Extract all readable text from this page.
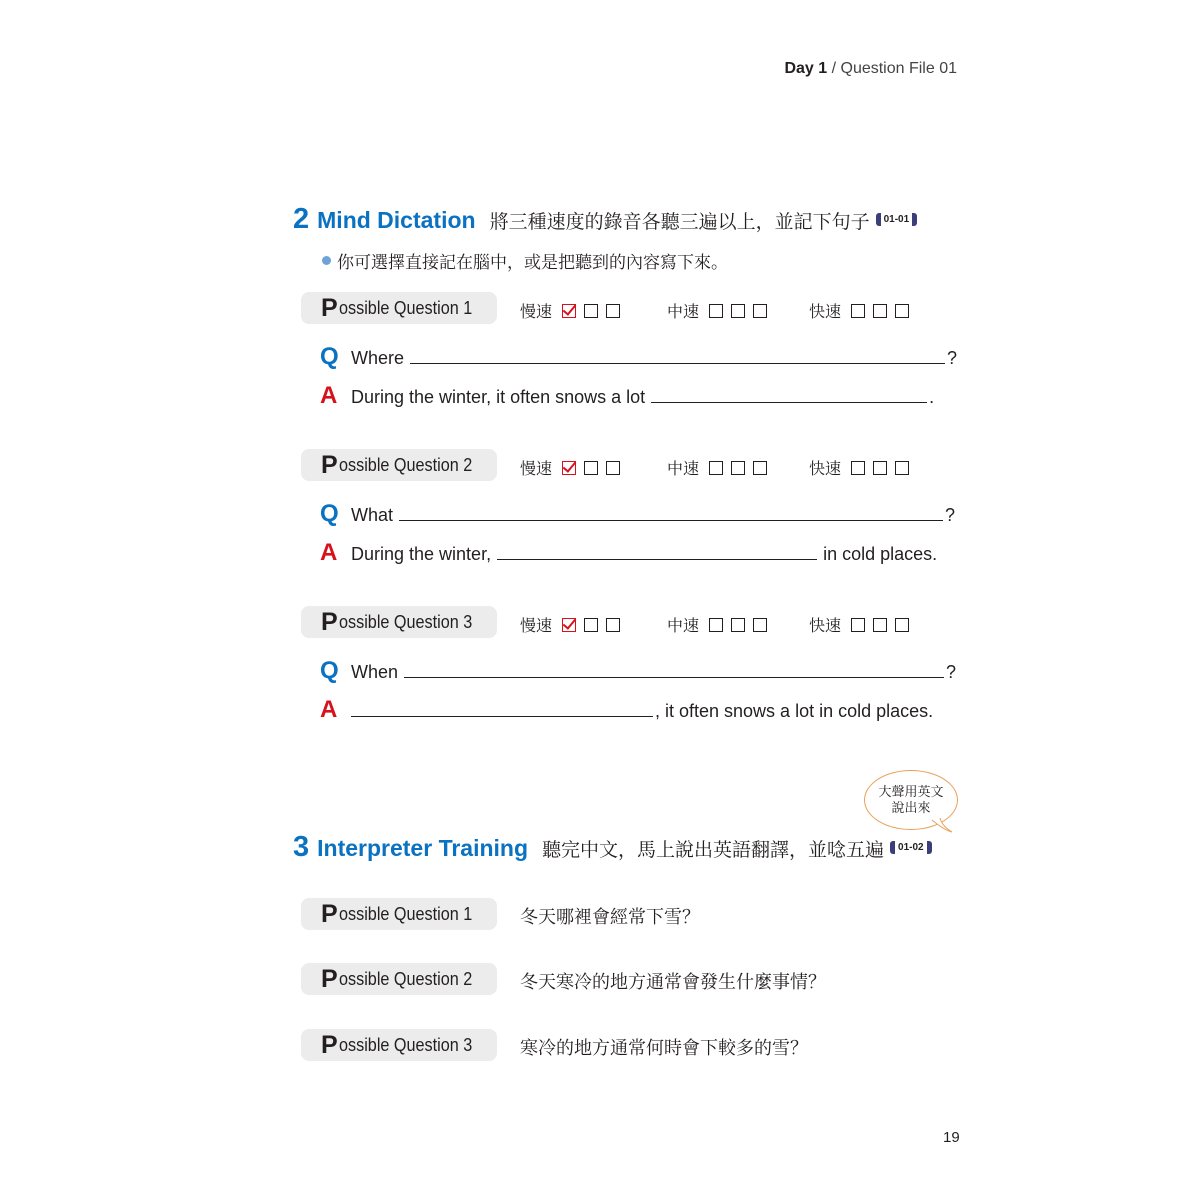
Day 1 / Question File 01
2 Mind Dictation 將三種速度的錄音各聽三遍以上，並記下句子	01-01
你可選擇直接記在腦中，或是把聽到的內容寫下來。
P ossible Question 1	慢速	中速	快速
Q Where	?
A During the winter, it often snows a lot	.
P ossible Question 2	慢速	中速	快速
Q What	?
A During the winter,	in cold places.
P ossible Question 3	慢速	中速	快速
Q When	?
A	, it often snows a lot in cold places.
大聲用英文
說出來
3 Interpreter Training 聽完中文，馬上說出英語翻譯，並唸五遍	01-02
P ossible Question 1	冬天哪裡會經常下雪？
P ossible Question 2	冬天寒冷的地方通常會發生什麼事情？
P ossible Question 3	寒冷的地方通常何時會下較多的雪？
19
